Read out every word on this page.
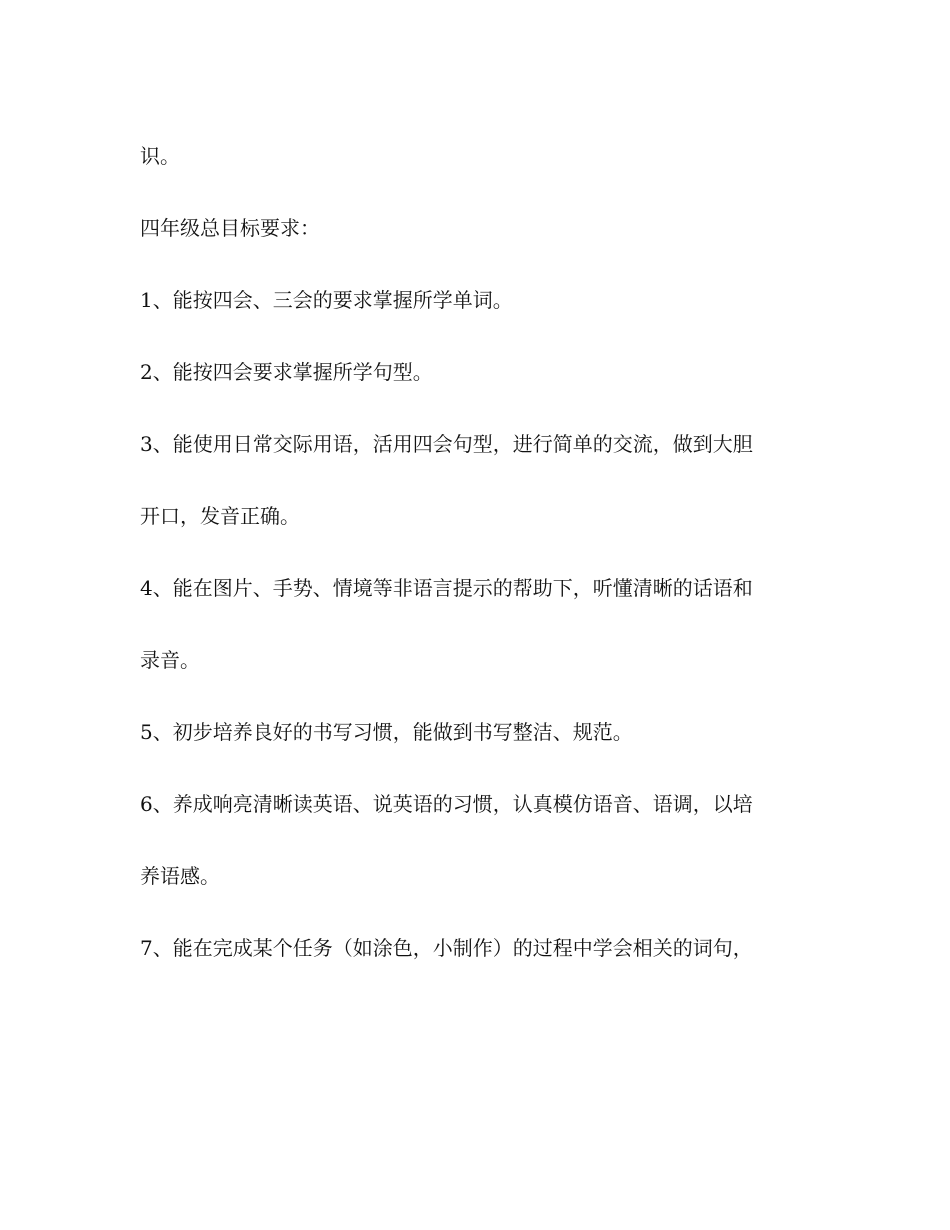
识。
四年级总目标要求：
1、能按四会、三会的要求掌握所学单词。
2、能按四会要求掌握所学句型。
3、能使用日常交际用语，活用四会句型，进行简单的交流，做到大胆
开口，发音正确。
4、能在图片、手势、情境等非语言提示的帮助下，听懂清晰的话语和
录音。
5、初步培养良好的书写习惯，能做到书写整洁、规范。
6、养成响亮清晰读英语、说英语的习惯，认真模仿语音、语调，以培
养语感。
7、能在完成某个任务（如涂色，小制作）的过程中学会相关的词句，
